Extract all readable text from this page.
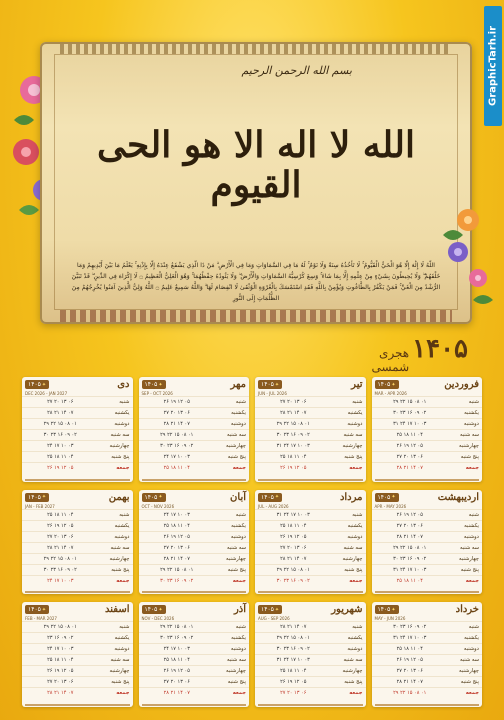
GraphicTarh.ir
بسم الله الرحمن الرحیم
الله لا اله الا هو الحی القیوم
اللَّهُ لَا إِلَٰهَ إِلَّا هُوَ الْحَيُّ الْقَيُّومُ ۚ لَا تَأْخُذُهُ سِنَةٌ وَلَا نَوْمٌ ۚ لَهُ مَا فِي السَّمَاوَاتِ وَمَا فِي الْأَرْضِ ۗ مَنْ ذَا الَّذِي يَشْفَعُ عِنْدَهُ إِلَّا بِإِذْنِهِ ۚ يَعْلَمُ مَا بَيْنَ أَيْدِيهِمْ وَمَا خَلْفَهُمْ ۖ وَلَا يُحِيطُونَ بِشَيْءٍ مِنْ عِلْمِهِ إِلَّا بِمَا شَاءَ ۚ وَسِعَ كُرْسِيُّهُ السَّمَاوَاتِ وَالْأَرْضَ ۖ وَلَا يَئُودُهُ حِفْظُهُمَا ۚ وَهُوَ الْعَلِيُّ الْعَظِيمُ ۝ لَا إِكْرَاهَ فِي الدِّينِ ۖ قَدْ تَبَيَّنَ الرُّشْدُ مِنَ الْغَيِّ ۚ فَمَنْ يَكْفُرْ بِالطَّاغُوتِ وَيُؤْمِنْ بِاللَّهِ فَقَدِ اسْتَمْسَكَ بِالْعُرْوَةِ الْوُثْقَىٰ لَا انْفِصَامَ لَهَا ۗ وَاللَّهُ سَمِيعٌ عَلِيمٌ ۝ اللَّهُ وَلِيُّ الَّذِينَ آمَنُوا يُخْرِجُهُمْ مِنَ الظُّلُمَاتِ إِلَى النُّورِ
۱۴۰۵
هجری شمسی
فروردین
✦
۱۴۰۵
MAR - APR 2026
شنبه
۰۱ ۰۸ ۱۵ ۲۲ ۲۹
یکشنبه
۰۲ ۰۹ ۱۶ ۲۳ ۳۰
دوشنبه
۰۳ ۱۰ ۱۷ ۲۴ ۳۱
سه شنبه
۰۴ ۱۱ ۱۸ ۲۵
چهارشنبه
۰۵ ۱۲ ۱۹ ۲۶
پنج شنبه
۰۶ ۱۳ ۲۰ ۲۷
جمعه
۰۷ ۱۴ ۲۱ ۲۸
تیر
✦
۱۴۰۵
JUN - JUL 2026
شنبه
۰۶ ۱۳ ۲۰ ۲۷
یکشنبه
۰۷ ۱۴ ۲۱ ۲۸
دوشنبه
۰۱ ۰۸ ۱۵ ۲۲ ۲۹
سه شنبه
۰۲ ۰۹ ۱۶ ۲۳ ۳۰
چهارشنبه
۰۳ ۱۰ ۱۷ ۲۴ ۳۱
پنج شنبه
۰۴ ۱۱ ۱۸ ۲۵
جمعه
۰۵ ۱۲ ۱۹ ۲۶
مهر
✦
۱۴۰۵
SEP - OCT 2026
شنبه
۰۵ ۱۲ ۱۹ ۲۶
یکشنبه
۰۶ ۱۳ ۲۰ ۲۷
دوشنبه
۰۷ ۱۴ ۲۱ ۲۸
سه شنبه
۰۱ ۰۸ ۱۵ ۲۲ ۲۹
چهارشنبه
۰۲ ۰۹ ۱۶ ۲۳ ۳۰
پنج شنبه
۰۳ ۱۰ ۱۷ ۲۴
جمعه
۰۴ ۱۱ ۱۸ ۲۵
دی
✦
۱۴۰۵
DEC 2026 - JAN 2027
شنبه
۰۶ ۱۳ ۲۰ ۲۷
یکشنبه
۰۷ ۱۴ ۲۱ ۲۸
دوشنبه
۰۱ ۰۸ ۱۵ ۲۲ ۲۹
سه شنبه
۰۲ ۰۹ ۱۶ ۲۳ ۳۰
چهارشنبه
۰۳ ۱۰ ۱۷ ۲۴
پنج شنبه
۰۴ ۱۱ ۱۸ ۲۵
جمعه
۰۵ ۱۲ ۱۹ ۲۶
اردیبهشت
✦
۱۴۰۵
APR - MAY 2026
شنبه
۰۵ ۱۲ ۱۹ ۲۶
یکشنبه
۰۶ ۱۳ ۲۰ ۲۷
دوشنبه
۰۷ ۱۴ ۲۱ ۲۸
سه شنبه
۰۱ ۰۸ ۱۵ ۲۲ ۲۹
چهارشنبه
۰۲ ۰۹ ۱۶ ۲۳ ۳۰
پنج شنبه
۰۳ ۱۰ ۱۷ ۲۴ ۳۱
جمعه
۰۴ ۱۱ ۱۸ ۲۵
مرداد
✦
۱۴۰۵
JUL - AUG 2026
شنبه
۰۳ ۱۰ ۱۷ ۲۴ ۳۱
یکشنبه
۰۴ ۱۱ ۱۸ ۲۵
دوشنبه
۰۵ ۱۲ ۱۹ ۲۶
سه شنبه
۰۶ ۱۳ ۲۰ ۲۷
چهارشنبه
۰۷ ۱۴ ۲۱ ۲۸
پنج شنبه
۰۱ ۰۸ ۱۵ ۲۲ ۲۹
جمعه
۰۲ ۰۹ ۱۶ ۲۳ ۳۰
آبان
✦
۱۴۰۵
OCT - NOV 2026
شنبه
۰۳ ۱۰ ۱۷ ۲۴
یکشنبه
۰۴ ۱۱ ۱۸ ۲۵
دوشنبه
۰۵ ۱۲ ۱۹ ۲۶
سه شنبه
۰۶ ۱۳ ۲۰ ۲۷
چهارشنبه
۰۷ ۱۴ ۲۱ ۲۸
پنج شنبه
۰۱ ۰۸ ۱۵ ۲۲ ۲۹
جمعه
۰۲ ۰۹ ۱۶ ۲۳ ۳۰
بهمن
✦
۱۴۰۵
JAN - FEB 2027
شنبه
۰۴ ۱۱ ۱۸ ۲۵
یکشنبه
۰۵ ۱۲ ۱۹ ۲۶
دوشنبه
۰۶ ۱۳ ۲۰ ۲۷
سه شنبه
۰۷ ۱۴ ۲۱ ۲۸
چهارشنبه
۰۱ ۰۸ ۱۵ ۲۲ ۲۹
پنج شنبه
۰۲ ۰۹ ۱۶ ۲۳ ۳۰
جمعه
۰۳ ۱۰ ۱۷ ۲۴
خرداد
✦
۱۴۰۵
MAY - JUN 2026
شنبه
۰۲ ۰۹ ۱۶ ۲۳ ۳۰
یکشنبه
۰۳ ۱۰ ۱۷ ۲۴ ۳۱
دوشنبه
۰۴ ۱۱ ۱۸ ۲۵
سه شنبه
۰۵ ۱۲ ۱۹ ۲۶
چهارشنبه
۰۶ ۱۳ ۲۰ ۲۷
پنج شنبه
۰۷ ۱۴ ۲۱ ۲۸
جمعه
۰۱ ۰۸ ۱۵ ۲۲ ۲۹
شهریور
✦
۱۴۰۵
AUG - SEP 2026
شنبه
۰۷ ۱۴ ۲۱ ۲۸
یکشنبه
۰۱ ۰۸ ۱۵ ۲۲ ۲۹
دوشنبه
۰۲ ۰۹ ۱۶ ۲۳ ۳۰
سه شنبه
۰۳ ۱۰ ۱۷ ۲۴ ۳۱
چهارشنبه
۰۴ ۱۱ ۱۸ ۲۵
پنج شنبه
۰۵ ۱۲ ۱۹ ۲۶
جمعه
۰۶ ۱۳ ۲۰ ۲۷
آذر
✦
۱۴۰۵
NOV - DEC 2026
شنبه
۰۱ ۰۸ ۱۵ ۲۲ ۲۹
یکشنبه
۰۲ ۰۹ ۱۶ ۲۳ ۳۰
دوشنبه
۰۳ ۱۰ ۱۷ ۲۴
سه شنبه
۰۴ ۱۱ ۱۸ ۲۵
چهارشنبه
۰۵ ۱۲ ۱۹ ۲۶
پنج شنبه
۰۶ ۱۳ ۲۰ ۲۷
جمعه
۰۷ ۱۴ ۲۱ ۲۸
اسفند
✦
۱۴۰۵
FEB - MAR 2027
شنبه
۰۱ ۰۸ ۱۵ ۲۲ ۲۹
یکشنبه
۰۲ ۰۹ ۱۶ ۲۳
دوشنبه
۰۳ ۱۰ ۱۷ ۲۴
سه شنبه
۰۴ ۱۱ ۱۸ ۲۵
چهارشنبه
۰۵ ۱۲ ۱۹ ۲۶
پنج شنبه
۰۶ ۱۳ ۲۰ ۲۷
جمعه
۰۷ ۱۴ ۲۱ ۲۸
